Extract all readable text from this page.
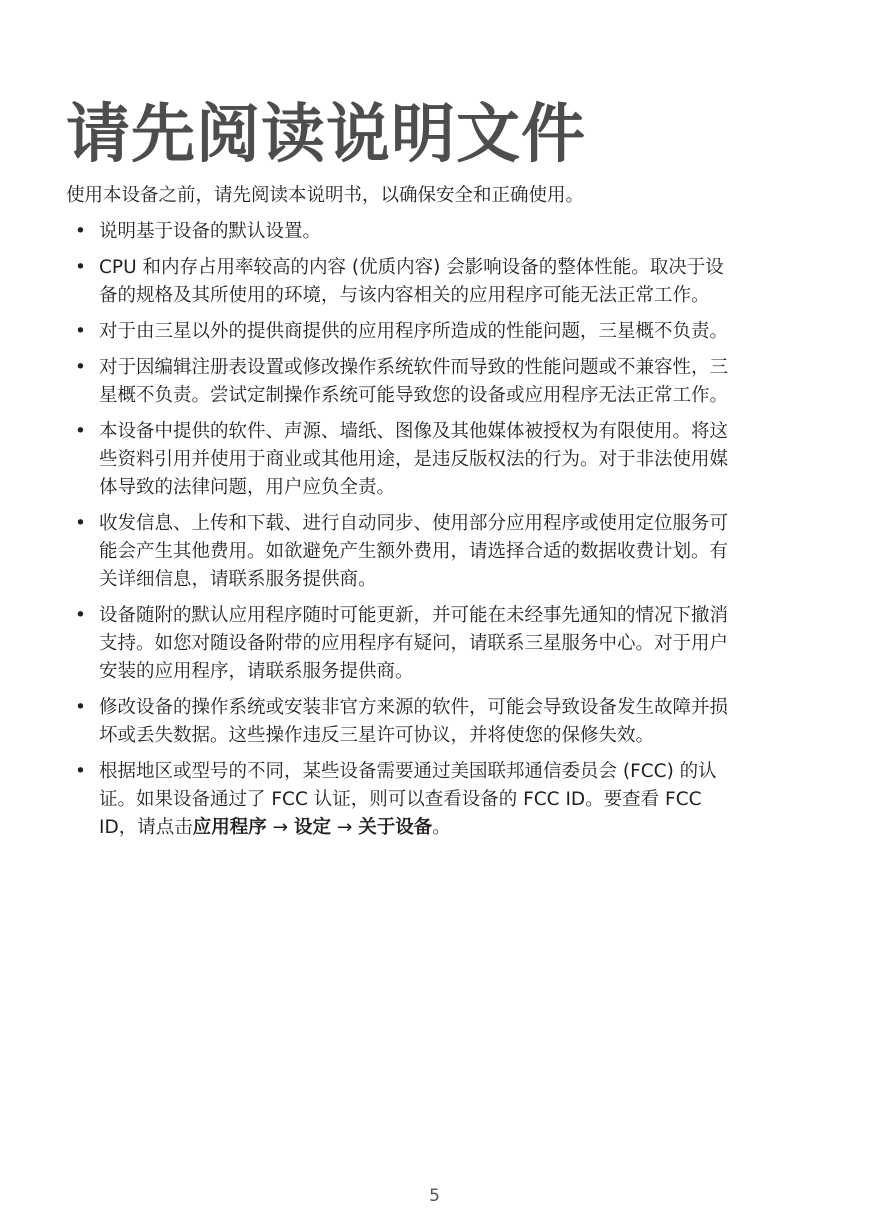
请先阅读说明文件

使用本设备之前，请先阅读本说明书，以确保安全和正确使用。

• 说明基于设备的默认设置。
• CPU 和内存占用率较高的内容 (优质内容) 会影响设备的整体性能。取决于设
备的规格及其所使用的环境，与该内容相关的应用程序可能无法正常工作。
• 对于由三星以外的提供商提供的应用程序所造成的性能问题，三星概不负责。
• 对于因编辑注册表设置或修改操作系统软件而导致的性能问题或不兼容性，三
星概不负责。尝试定制操作系统可能导致您的设备或应用程序无法正常工作。
• 本设备中提供的软件、声源、墙纸、图像及其他媒体被授权为有限使用。将这
些资料引用并使用于商业或其他用途，是违反版权法的行为。对于非法使用媒
体导致的法律问题，用户应负全责。
• 收发信息、上传和下载、进行自动同步、使用部分应用程序或使用定位服务可
能会产生其他费用。如欲避免产生额外费用，请选择合适的数据收费计划。有
关详细信息，请联系服务提供商。
• 设备随附的默认应用程序随时可能更新，并可能在未经事先通知的情况下撤消
支持。如您对随设备附带的应用程序有疑问，请联系三星服务中心。对于用户
安装的应用程序，请联系服务提供商。
• 修改设备的操作系统或安装非官方来源的软件，可能会导致设备发生故障并损
坏或丢失数据。这些操作违反三星许可协议，并将使您的保修失效。
• 根据地区或型号的不同，某些设备需要通过美国联邦通信委员会 (FCC) 的认
证。如果设备通过了 FCC 认证，则可以查看设备的 FCC ID。要查看 FCC
ID，请点击应用程序 → 设定 → 关于设备。
5
